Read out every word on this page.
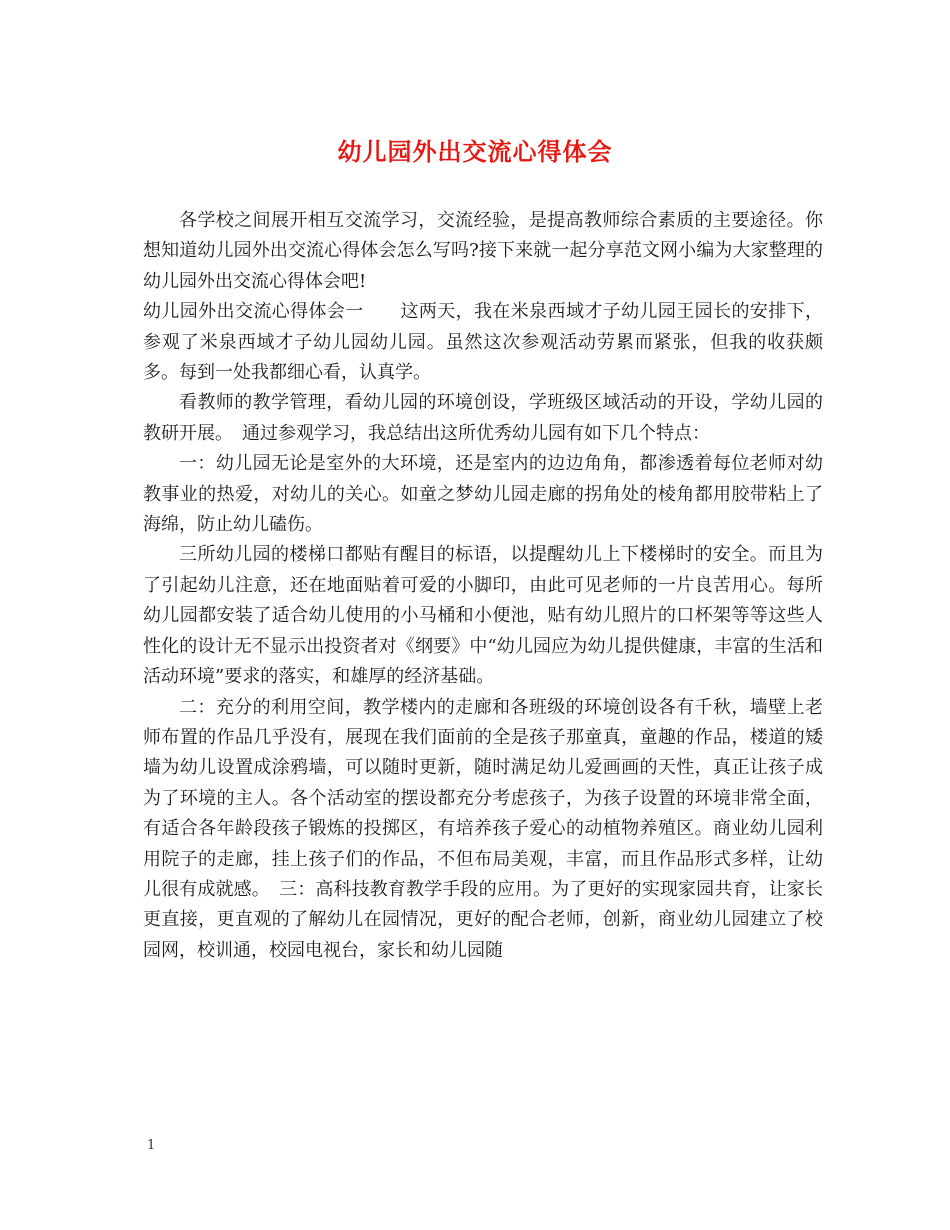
幼儿园外出交流心得体会

各学校之间展开相互交流学习，交流经验，是提高教师综合素质的主要途径。你想知道幼儿园外出交流心得体会怎么写吗?接下来就一起分享范文网小编为大家整理的幼儿园外出交流心得体会吧!

幼儿园外出交流心得体会一　　这两天，我在米泉西域才子幼儿园王园长的安排下，参观了米泉西域才子幼儿园幼儿园。虽然这次参观活动劳累而紧张，但我的收获颇多。每到一处我都细心看，认真学。

看教师的教学管理，看幼儿园的环境创设，学班级区域活动的开设，学幼儿园的教研开展。　通过参观学习，我总结出这所优秀幼儿园有如下几个特点：

一：幼儿园无论是室外的大环境，还是室内的边边角角，都渗透着每位老师对幼教事业的热爱，对幼儿的关心。如童之梦幼儿园走廊的拐角处的棱角都用胶带粘上了海绵，防止幼儿磕伤。

三所幼儿园的楼梯口都贴有醒目的标语，以提醒幼儿上下楼梯时的安全。而且为了引起幼儿注意，还在地面贴着可爱的小脚印，由此可见老师的一片良苦用心。每所幼儿园都安装了适合幼儿使用的小马桶和小便池，贴有幼儿照片的口杯架等等这些人性化的设计无不显示出投资者对《纲要》中“幼儿园应为幼儿提供健康，丰富的生活和活动环境”要求的落实，和雄厚的经济基础。

二：充分的利用空间，教学楼内的走廊和各班级的环境创设各有千秋，墙壁上老师布置的作品几乎没有，展现在我们面前的全是孩子那童真，童趣的作品，楼道的矮墙为幼儿设置成涂鸦墙，可以随时更新，随时满足幼儿爱画画的天性，真正让孩子成为了环境的主人。各个活动室的摆设都充分考虑孩子，为孩子设置的环境非常全面，有适合各年龄段孩子锻炼的投掷区，有培养孩子爱心的动植物养殖区。商业幼儿园利用院子的走廊，挂上孩子们的作品，不但布局美观，丰富，而且作品形式多样，让幼儿很有成就感。　三：高科技教育教学手段的应用。为了更好的实现家园共育，让家长更直接，更直观的了解幼儿在园情况，更好的配合老师，创新，商业幼儿园建立了校园网，校训通，校园电视台，家长和幼儿园随

1
